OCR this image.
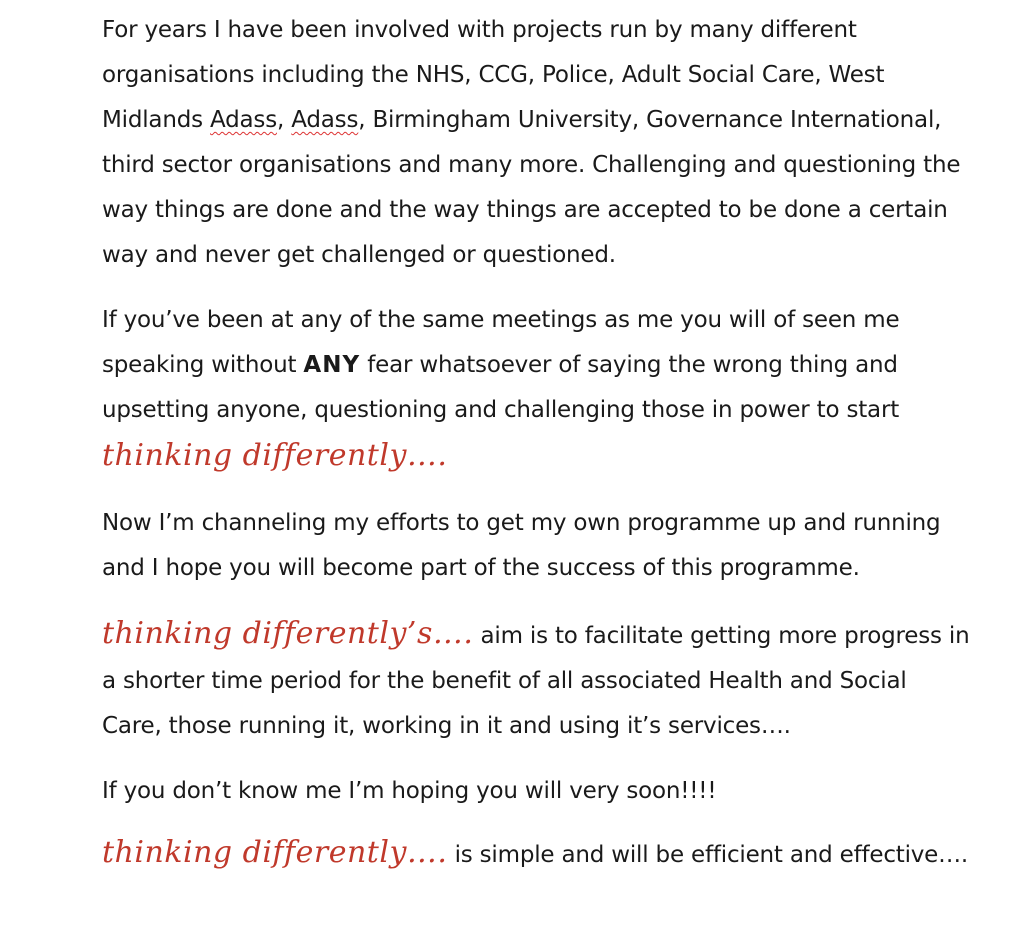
For years I have been involved with projects run by many different organisations including the NHS, CCG, Police, Adult Social Care, West Midlands Adass, Adass, Birmingham University, Governance International, third sector organisations and many more. Challenging and questioning the way things are done and the way things are accepted to be done a certain way and never get challenged or questioned.

If you’ve been at any of the same meetings as me you will of seen me speaking without ANY fear whatsoever of saying the wrong thing and upsetting anyone, questioning and challenging those in power to start thinking differently….

Now I’m channeling my efforts to get my own programme up and running and I hope you will become part of the success of this programme.

thinking differently’s…. aim is to facilitate getting more progress in a shorter time period for the benefit of all associated Health and Social Care, those running it, working in it and using it’s services….

If you don’t know me I’m hoping you will very soon!!!!

thinking differently…. is simple and will be efficient and effective….
